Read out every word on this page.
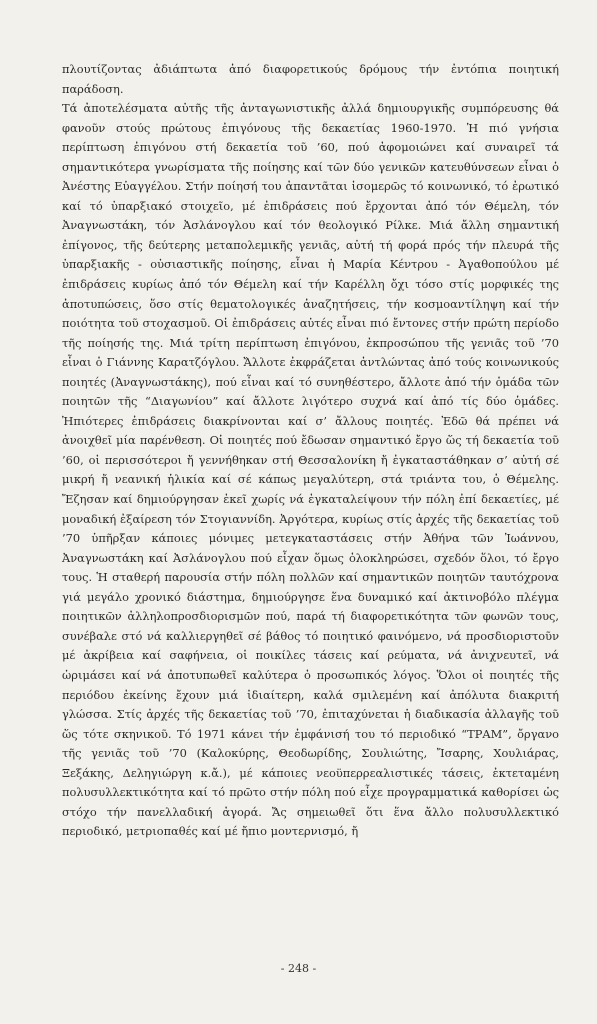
πλουτίζοντας ἀδιάπτωτα ἀπό διαφορετικούς δρόμους τήν ἐντόπια ποιητική παράδοση.

Τά ἀποτελέσματα αὐτῆς τῆς ἀνταγωνιστικῆς ἀλλά δημιουργικῆς συμπόρευσης θά φανοῦν στούς πρώτους ἐπιγόνους τῆς δεκαετίας 1960-1970. Ἡ πιό γνήσια περίπτωση ἐπιγόνου στή δεκαετία τοῦ ’60, πού ἀφομοιώνει καί συναιρεῖ τά σημαντικότερα γνωρίσματα τῆς ποίησης καί τῶν δύο γενικῶν κατευθύνσεων εἶναι ὁ Ἀνέστης Εὐαγγέλου. Στήν ποίησή του ἀπαντᾶται ἰσομερῶς τό κοινωνικό, τό ἐρωτικό καί τό ὑπαρξιακό στοιχεῖο, μέ ἐπιδράσεις πού ἔρχονται ἀπό τόν Θέμελη, τόν Ἀναγνωστάκη, τόν Ἀσλάνογλου καί τόν θεολογικό Ρίλκε. Μιά ἄλλη σημαντική ἐπίγονος, τῆς δεύτερης μεταπολεμικῆς γενιᾶς, αὐτή τή φορά πρός τήν πλευρά τῆς ὑπαρξιακῆς - οὐσιαστικῆς ποίησης, εἶναι ἡ Μαρία Κέντρου - Ἀγαθοπούλου μέ ἐπιδράσεις κυρίως ἀπό τόν Θέμελη καί τήν Καρέλλη ὄχι τόσο στίς μορφικές της ἀποτυπώσεις, ὅσο στίς θεματολογικές ἀναζητήσεις, τήν κοσμοαντίληψη καί τήν ποιότητα τοῦ στοχασμοῦ. Οἱ ἐπιδράσεις αὐτές εἶναι πιό ἔντονες στήν πρώτη περίοδο τῆς ποίησής της. Μιά τρίτη περίπτωση ἐπιγόνου, ἐκπροσώπου τῆς γενιᾶς τοῦ ’70 εἶναι ὁ Γιάννης Καρατζόγλου. Ἄλλοτε ἐκφράζεται ἀντλώντας ἀπό τούς κοινωνικούς ποιητές (Ἀναγνωστάκης), πού εἶναι καί τό συνηθέστερο, ἄλλοτε ἀπό τήν ὁμάδα τῶν ποιητῶν τῆς “Διαγωνίου” καί ἄλλοτε λιγότερο συχνά καί ἀπό τίς δύο ὁμάδες. Ἠπιότερες ἐπιδράσεις διακρίνονται καί σ’ ἄλλους ποιητές. Ἐδῶ θά πρέπει νά ἀνοιχθεῖ μία παρένθεση. Οἱ ποιητές πού ἔδωσαν σημαντικό ἔργο ὥς τή δεκαετία τοῦ ’60, οἱ περισσότεροι ἤ γεννήθηκαν στή Θεσσαλονίκη ἤ ἐγκαταστάθηκαν σ’ αὐτή σέ μικρή ἤ νεανική ἡλικία καί σέ κάπως μεγαλύτερη, στά τριάντα του, ὁ Θέμελης. Ἔζησαν καί δημιούργησαν ἐκεῖ χωρίς νά ἐγκαταλείψουν τήν πόλη ἐπί δεκαετίες, μέ μοναδική ἐξαίρεση τόν Στογιαννίδη. Ἀργότερα, κυρίως στίς ἀρχές τῆς δεκαετίας τοῦ ’70 ὑπῆρξαν κάποιες μόνιμες μετεγκαταστάσεις στήν Ἀθήνα τῶν Ἰωάννου, Ἀναγνωστάκη καί Ἀσλάνογλου πού εἶχαν ὅμως ὁλοκληρώσει, σχεδόν ὅλοι, τό ἔργο τους. Ἡ σταθερή παρουσία στήν πόλη πολλῶν καί σημαντικῶν ποιητῶν ταυτόχρονα γιά μεγάλο χρονικό διάστημα, δημιούργησε ἕνα δυναμικό καί ἀκτινοβόλο πλέγμα ποιητικῶν ἀλληλοπροσδιορισμῶν πού, παρά τή διαφορετικότητα τῶν φωνῶν τους, συνέβαλε στό νά καλλιεργηθεῖ σέ βάθος τό ποιητικό φαινόμενο, νά προσδιοριστοῦν μέ ἀκρίβεια καί σαφήνεια, οἱ ποικίλες τάσεις καί ρεύματα, νά ἀνιχνευτεῖ, νά ὡριμάσει καί νά ἀποτυπωθεῖ καλύτερα ὁ προσωπικός λόγος. Ὅλοι οἱ ποιητές τῆς περιόδου ἐκείνης ἔχουν μιά ἰδιαίτερη, καλά σμιλεμένη καί ἀπόλυτα διακριτή γλώσσα. Στίς ἀρχές τῆς δεκαετίας τοῦ ’70, ἐπιταχύνεται ἡ διαδικασία ἀλλαγῆς τοῦ ὥς τότε σκηνικοῦ. Τό 1971 κάνει τήν ἐμφάνισή του τό περιοδικό “ΤΡΑΜ”, ὄργανο τῆς γενιᾶς τοῦ ’70 (Καλοκύρης, Θεοδωρίδης, Σουλιώτης, Ἴσαρης, Χουλιάρας, Ξεξάκης, Δεληγιώργη κ.ἄ.), μέ κάποιες νεοϋπερρεαλιστικές τάσεις, ἐκτεταμένη πολυσυλλεκτικότητα καί τό πρῶτο στήν πόλη πού εἶχε προγραμματικά καθορίσει ὡς στόχο τήν πανελλαδική ἀγορά. Ἄς σημειωθεῖ ὅτι ἕνα ἄλλο πολυσυλλεκτικό περιοδικό, μετριοπαθές καί μέ ἤπιο μοντερνισμό, ἤ

- 248 -
